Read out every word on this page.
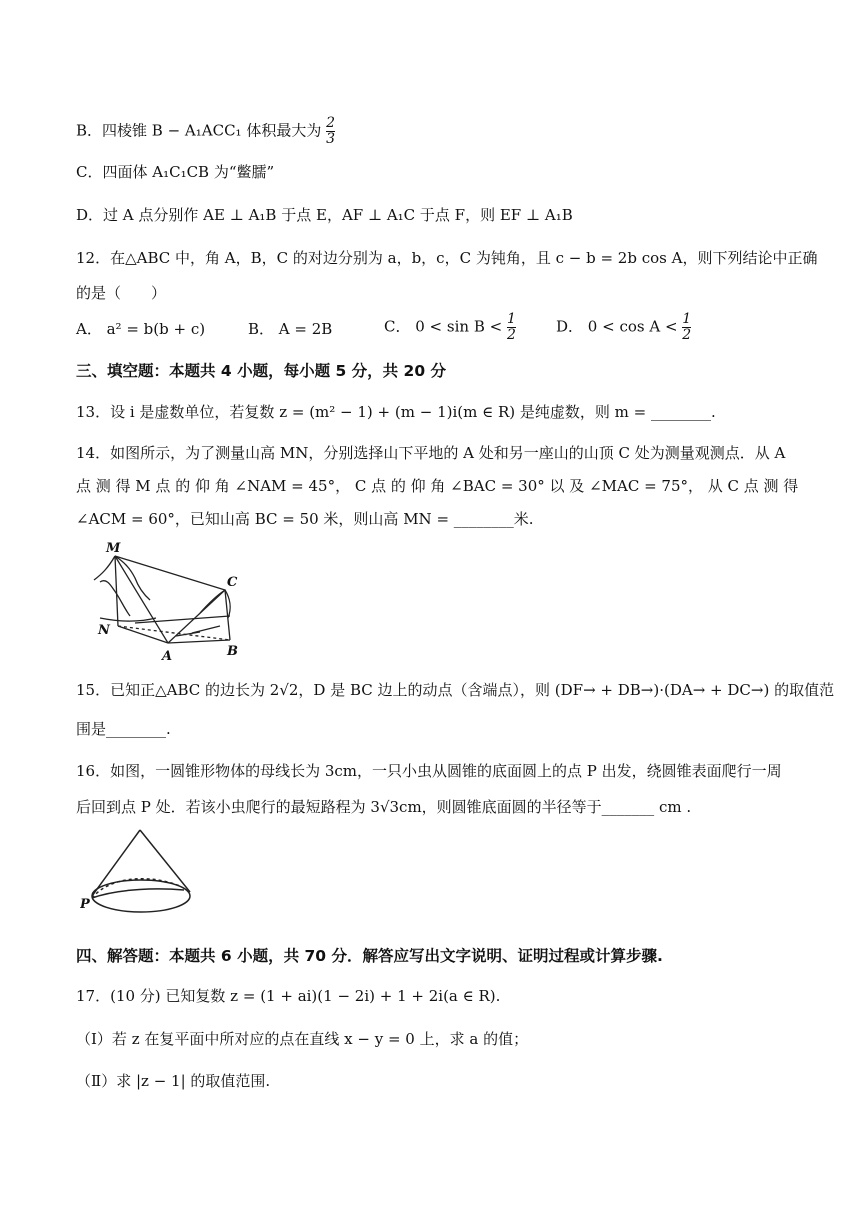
B．四棱锥 B − A₁ACC₁ 体积最大为 $\frac{2}{3}$
C．四面体 A₁C₁CB 为“鳖臑”
D．过 A 点分别作 AE ⊥ A₁B 于点 E，AF ⊥ A₁C 于点 F，则 EF ⊥ A₁B
12．在△ABC 中，角 A，B，C 的对边分别为 a，b，c，C 为钝角，且 c − b = 2b cos A，则下列结论中正确
的是（　　）
A． a² = b(b + c)	B． A = 2B	C． $0 < \sin B < \frac{1}{2}$	D． $0 < \cos A < \frac{1}{2}$
三、填空题：本题共 4 小题，每小题 5 分，共 20 分
13．设 i 是虚数单位，若复数 z = (m² − 1) + (m − 1)i(m ∈ R) 是纯虚数，则 m = ________.
14．如图所示，为了测量山高 MN，分别选择山下平地的 A 处和另一座山的山顶 C 处为测量观测点．从 A
点 测 得 M 点 的 仰 角 ∠NAM = 45°， C 点 的 仰 角 ∠BAC = 30° 以 及 ∠MAC = 75°， 从 C 点 测 得
∠ACM = 60°，已知山高 BC = 50 米，则山高 MN = ________米.
M
N
A	B
C
15．已知正△ABC 的边长为 2√2，D 是 BC 边上的动点（含端点），则 (DF→ + DB→)·(DA→ + DC→) 的取值范
围是________.
16．如图，一圆锥形物体的母线长为 3cm，一只小虫从圆锥的底面圆上的点 P 出发，绕圆锥表面爬行一周
后回到点 P 处．若该小虫爬行的最短路程为 3√3cm，则圆锥底面圆的半径等于_______ cm .
P
四、解答题：本题共 6 小题，共 70 分．解答应写出文字说明、证明过程或计算步骤.
17．(10 分) 已知复数 z = (1 + ai)(1 − 2i) + 1 + 2i(a ∈ R).
（Ⅰ）若 z 在复平面中所对应的点在直线 x − y = 0 上，求 a 的值；
（Ⅱ）求 |z − 1| 的取值范围.
